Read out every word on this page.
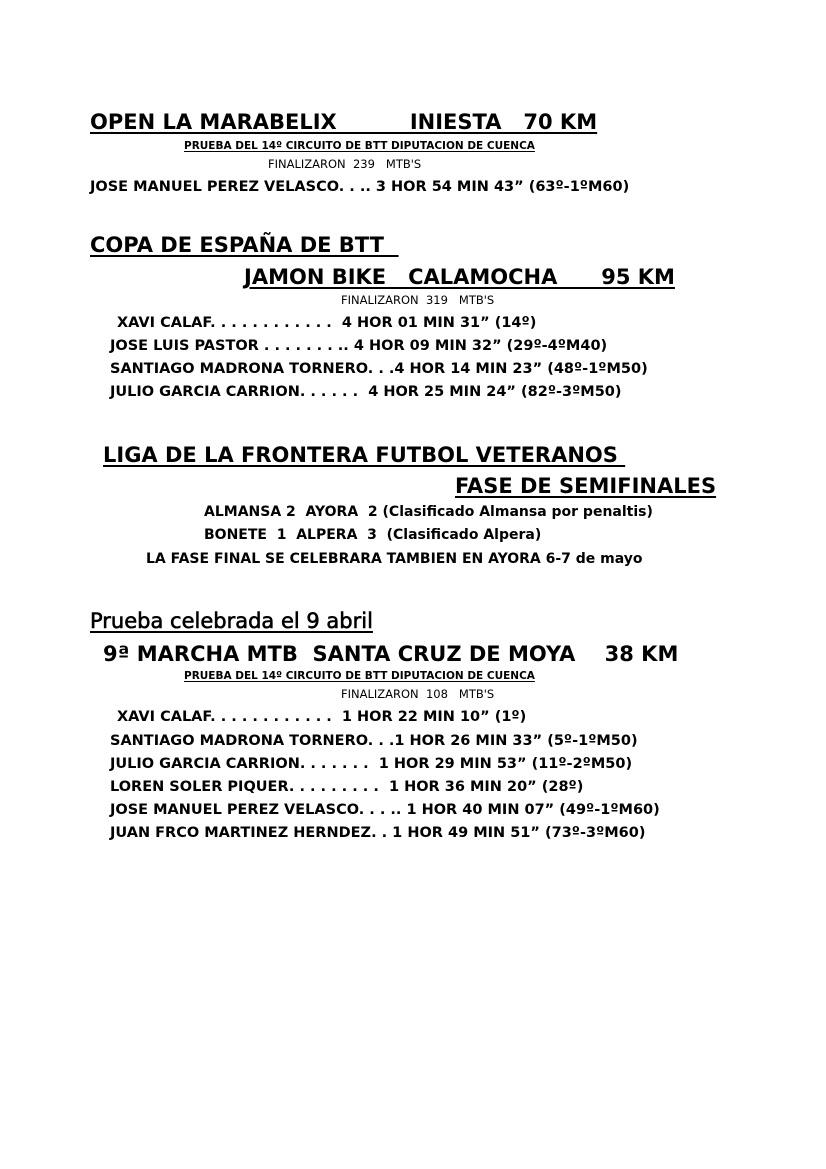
OPEN LA MARABELIX          INIESTA   70 KM
PRUEBA DEL 14º CIRCUITO DE BTT DIPUTACION DE CUENCA
FINALIZARON  239   MTB'S
JOSE MANUEL PEREZ VELASCO. . .. 3 HOR 54 MIN 43” (63º-1ºM60)
COPA DE ESPAÑA DE BTT
JAMON BIKE   CALAMOCHA      95 KM
FINALIZARON  319   MTB'S
XAVI CALAF. . . . . . . . . . . .  4 HOR 01 MIN 31” (14º)
JOSE LUIS PASTOR . . . . . . . .. 4 HOR 09 MIN 32” (29º-4ºM40)
SANTIAGO MADRONA TORNERO. . .4 HOR 14 MIN 23” (48º-1ºM50)
JULIO GARCIA CARRION. . . . . .  4 HOR 25 MIN 24” (82º-3ºM50)
LIGA DE LA FRONTERA FUTBOL VETERANOS
FASE DE SEMIFINALES
ALMANSA 2  AYORA  2 (Clasificado Almansa por penaltis)
BONETE  1  ALPERA  3  (Clasificado Alpera)
LA FASE FINAL SE CELEBRARA TAMBIEN EN AYORA 6-7 de mayo
Prueba celebrada el 9 abril
9ª MARCHA MTB  SANTA CRUZ DE MOYA    38 KM
PRUEBA DEL 14º CIRCUITO DE BTT DIPUTACION DE CUENCA
FINALIZARON  108   MTB'S
XAVI CALAF. . . . . . . . . . . .  1 HOR 22 MIN 10” (1º)
SANTIAGO MADRONA TORNERO. . .1 HOR 26 MIN 33” (5º-1ºM50)
JULIO GARCIA CARRION. . . . . . .  1 HOR 29 MIN 53” (11º-2ºM50)
LOREN SOLER PIQUER. . . . . . . . .  1 HOR 36 MIN 20” (28º)
JOSE MANUEL PEREZ VELASCO. . . .. 1 HOR 40 MIN 07” (49º-1ºM60)
JUAN FRCO MARTINEZ HERNDEZ. . 1 HOR 49 MIN 51” (73º-3ºM60)
